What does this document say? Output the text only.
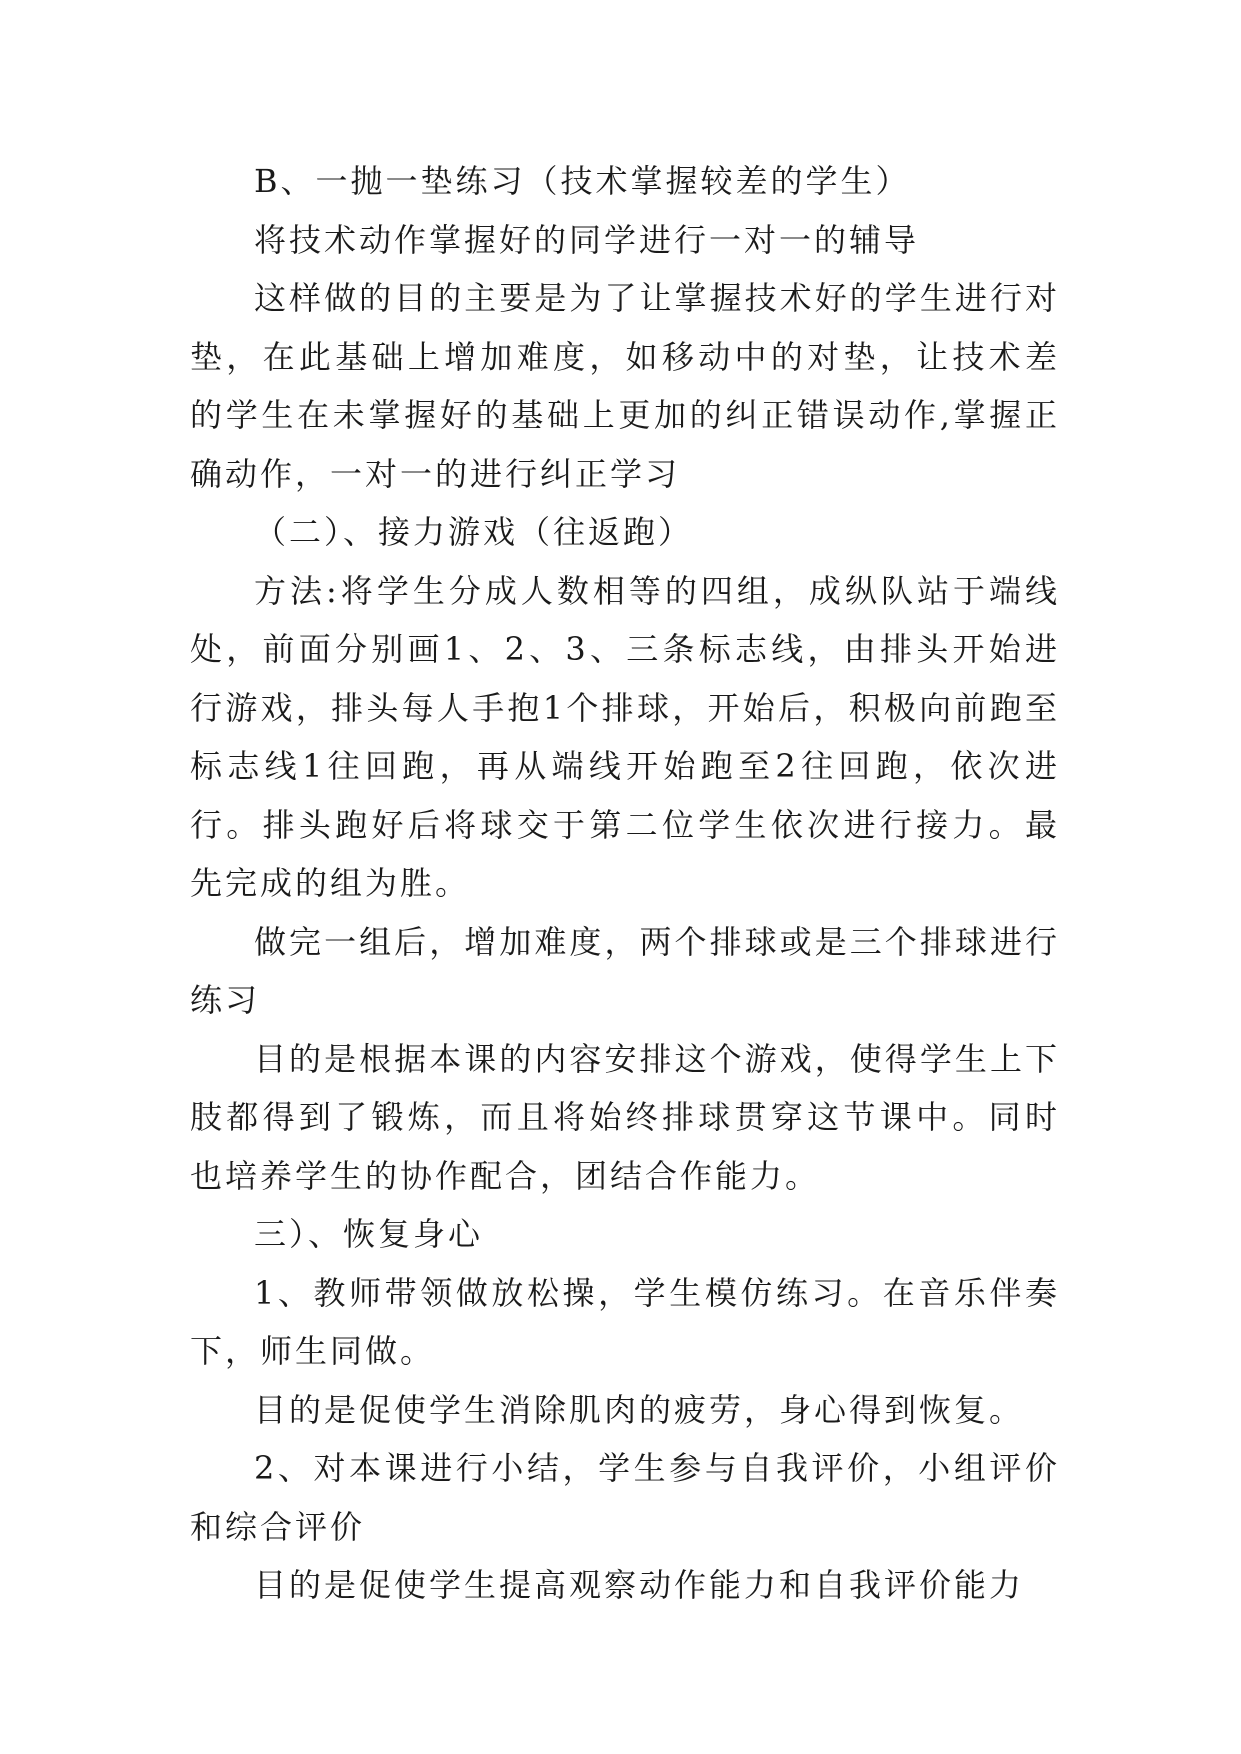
B、一抛一垫练习（技术掌握较差的学生）

将技术动作掌握好的同学进行一对一的辅导

这样做的目的主要是为了让掌握技术好的学生进行对垫，在此基础上增加难度，如移动中的对垫，让技术差的学生在未掌握好的基础上更加的纠正错误动作,掌握正确动作，一对一的进行纠正学习

（二）、接力游戏（往返跑）

方法:将学生分成人数相等的四组，成纵队站于端线处，前面分别画1、2、3、三条标志线，由排头开始进行游戏，排头每人手抱1个排球，开始后，积极向前跑至标志线1往回跑，再从端线开始跑至2往回跑，依次进行。排头跑好后将球交于第二位学生依次进行接力。最先完成的组为胜。

做完一组后，增加难度，两个排球或是三个排球进行练习

目的是根据本课的内容安排这个游戏，使得学生上下肢都得到了锻炼，而且将始终排球贯穿这节课中。同时也培养学生的协作配合，团结合作能力。

三）、恢复身心

1、教师带领做放松操，学生模仿练习。在音乐伴奏下，师生同做。

目的是促使学生消除肌肉的疲劳，身心得到恢复。

2、对本课进行小结，学生参与自我评价，小组评价和综合评价

目的是促使学生提高观察动作能力和自我评价能力
